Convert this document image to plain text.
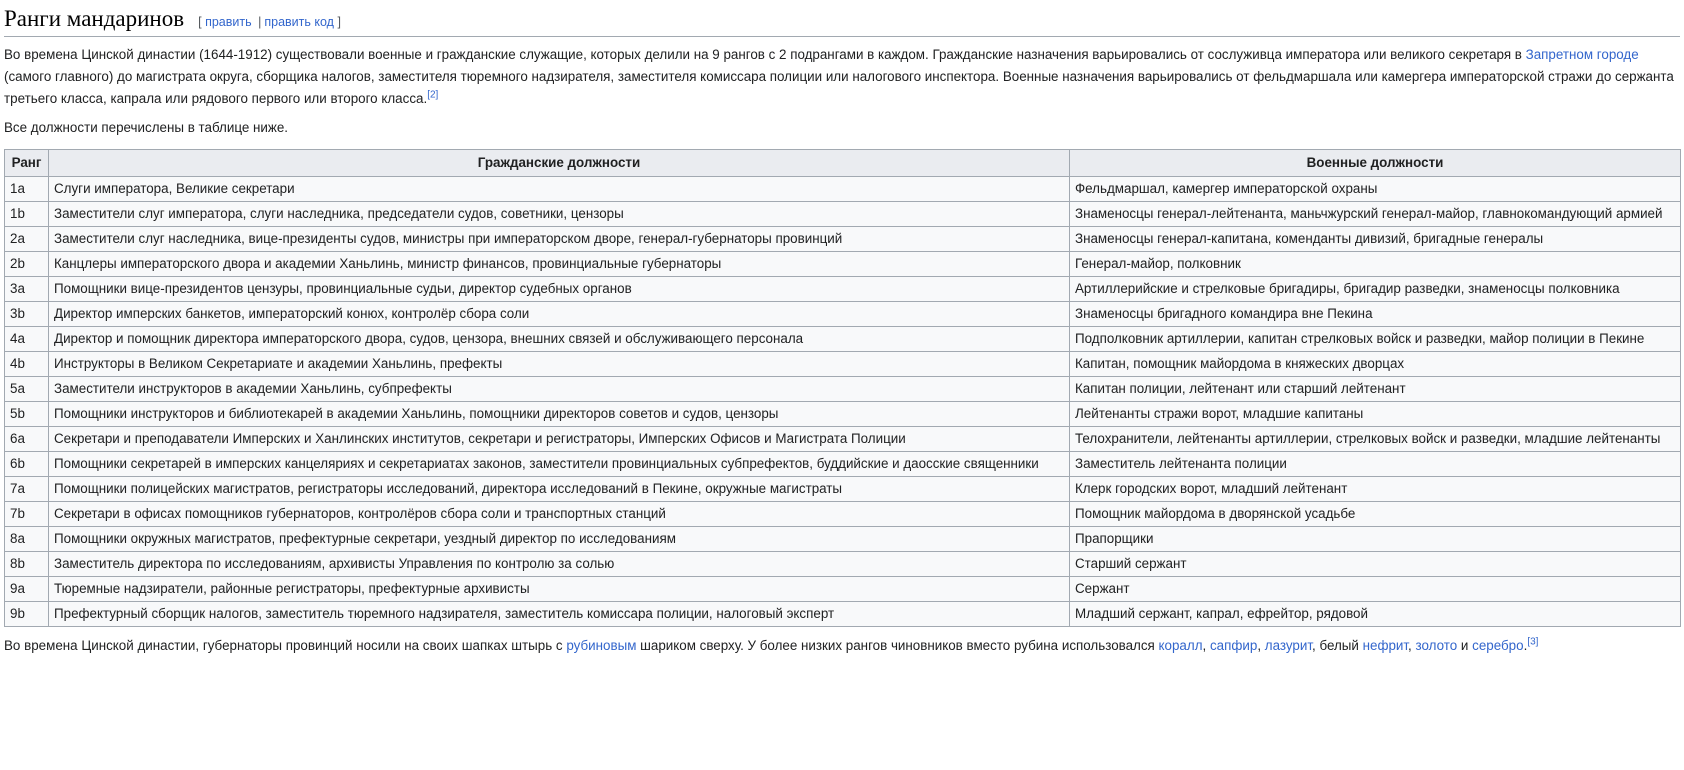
Ранги мандаринов [ править | править код ]

Во времена Цинской династии (1644-1912) существовали военные и гражданские служащие, которых делили на 9 рангов с 2 подрангами в каждом. Гражданские назначения варьировались от сослуживца императора или великого секретаря в Запретном городе (самого главного) до магистрата округа, сборщика налогов, заместителя тюремного надзирателя, заместителя комиссара полиции или налогового инспектора. Военные назначения варьировались от фельдмаршала или камергера императорской стражи до сержанта третьего класса, капрала или рядового первого или второго класса.[2]

Все должности перечислены в таблице ниже.

Ранг	Гражданские должности	Военные должности
1a	Слуги императора, Великие секретари	Фельдмаршал, камергер императорской охраны
1b	Заместители слуг императора, слуги наследника, председатели судов, советники, цензоры	Знаменосцы генерал-лейтенанта, маньчжурский генерал-майор, главнокомандующий армией
2a	Заместители слуг наследника, вице-президенты судов, министры при императорском дворе, генерал-губернаторы провинций	Знаменосцы генерал-капитана, коменданты дивизий, бригадные генералы
2b	Канцлеры императорского двора и академии Ханьлинь, министр финансов, провинциальные губернаторы	Генерал-майор, полковник
3a	Помощники вице-президентов цензуры, провинциальные судьи, директор судебных органов	Артиллерийские и стрелковые бригадиры, бригадир разведки, знаменосцы полковника
3b	Директор имперских банкетов, императорский конюх, контролёр сбора соли	Знаменосцы бригадного командира вне Пекина
4a	Директор и помощник директора императорского двора, судов, цензора, внешних связей и обслуживающего персонала	Подполковник артиллерии, капитан стрелковых войск и разведки, майор полиции в Пекине
4b	Инструкторы в Великом Секретариате и академии Ханьлинь, префекты	Капитан, помощник майордома в княжеских дворцах
5a	Заместители инструкторов в академии Ханьлинь, субпрефекты	Капитан полиции, лейтенант или старший лейтенант
5b	Помощники инструкторов и библиотекарей в академии Ханьлинь, помощники директоров советов и судов, цензоры	Лейтенанты стражи ворот, младшие капитаны
6a	Секретари и преподаватели Имперских и Ханлинских институтов, секретари и регистраторы, Имперских Офисов и Магистрата Полиции	Телохранители, лейтенанты артиллерии, стрелковых войск и разведки, младшие лейтенанты
6b	Помощники секретарей в имперских канцеляриях и секретариатах законов, заместители провинциальных субпрефектов, буддийские и даосские священники	Заместитель лейтенанта полиции
7a	Помощники полицейских магистратов, регистраторы исследований, директора исследований в Пекине, окружные магистраты	Клерк городских ворот, младший лейтенант
7b	Секретари в офисах помощников губернаторов, контролёров сбора соли и транспортных станций	Помощник майордома в дворянской усадьбе
8a	Помощники окружных магистратов, префектурные секретари, уездный директор по исследованиям	Прапорщики
8b	Заместитель директора по исследованиям, архивисты Управления по контролю за солью	Старший сержант
9a	Тюремные надзиратели, районные регистраторы, префектурные архивисты	Сержант
9b	Префектурный сборщик налогов, заместитель тюремного надзирателя, заместитель комиссара полиции, налоговый эксперт	Младший сержант, капрал, ефрейтор, рядовой

Во времена Цинской династии, губернаторы провинций носили на своих шапках штырь с рубиновым шариком сверху. У более низких рангов чиновников вместо рубина использовался коралл, сапфир, лазурит, белый нефрит, золото и серебро.[3]
